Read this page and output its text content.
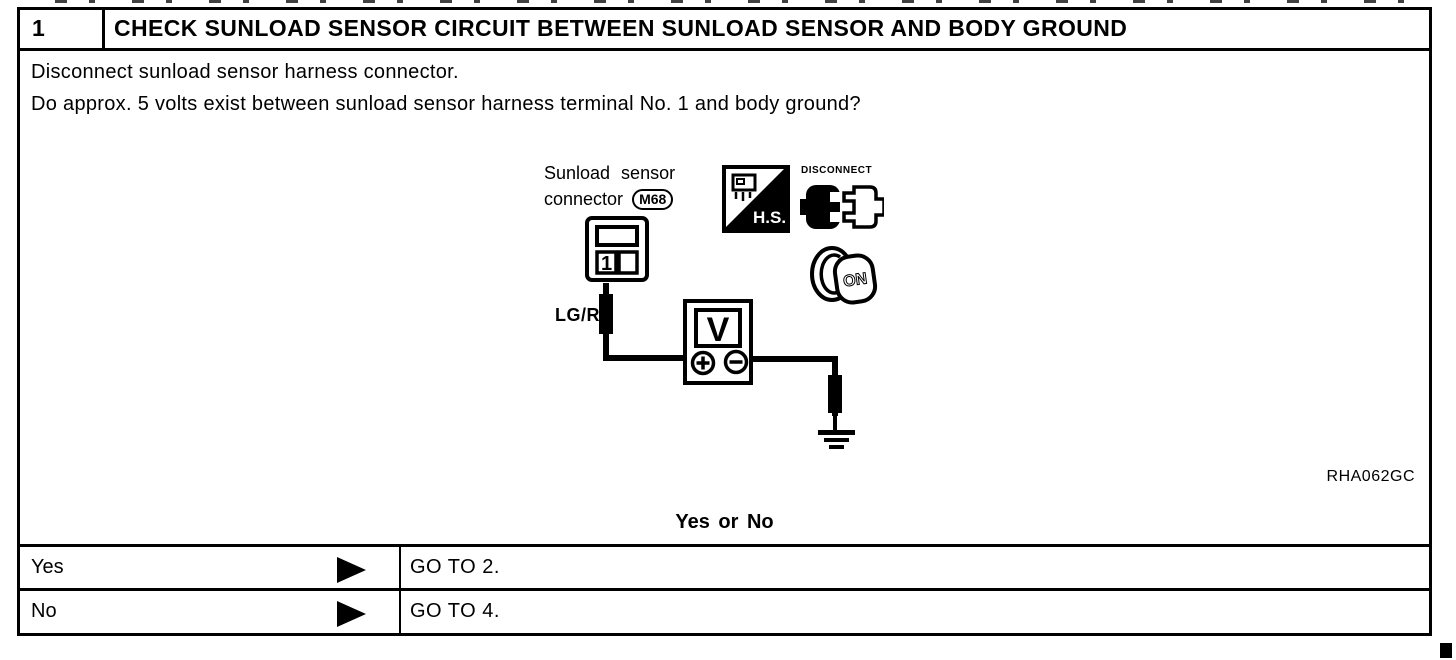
1	CHECK SUNLOAD SENSOR CIRCUIT BETWEEN SUNLOAD SENSOR AND BODY GROUND
Disconnect sunload sensor harness connector.
Do approx. 5 volts exist between sunload sensor harness terminal No. 1 and body ground?
Sunload sensor
connector	M68
1
LG/R	V
H.S.
DISCONNECT
ON
RHA062GC
Yes or No
Yes	GO TO 2.
No	GO TO 4.
